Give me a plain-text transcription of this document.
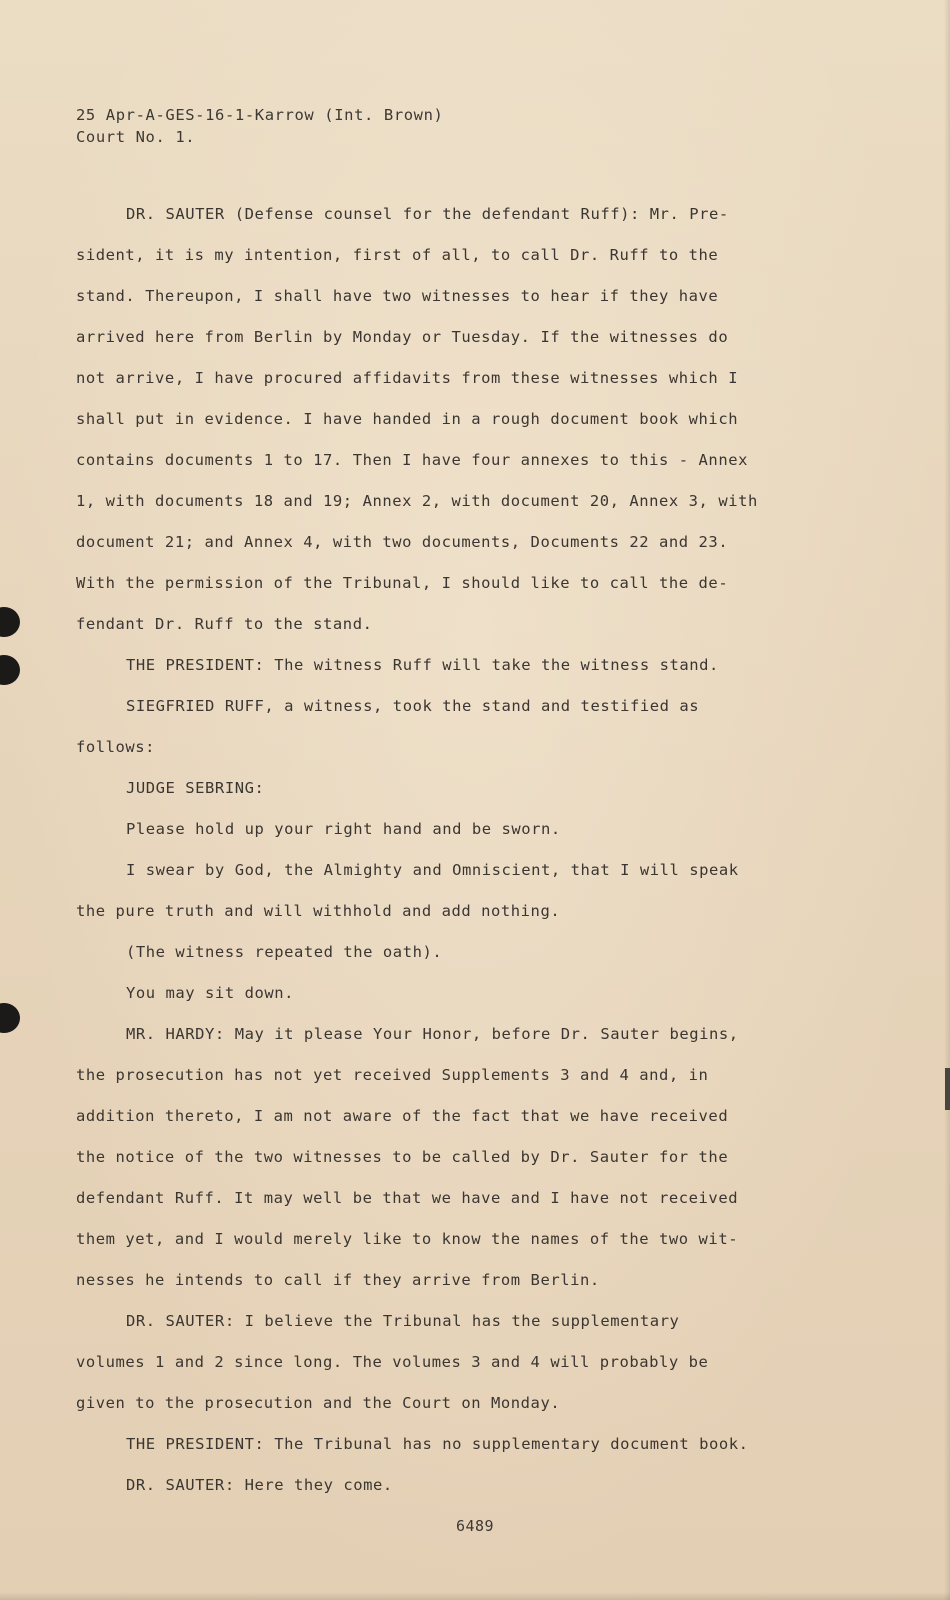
25 Apr-A-GES-16-1-Karrow (Int. Brown)
Court No. 1.
DR. SAUTER (Defense counsel for the defendant Ruff): Mr. Pre-
sident, it is my intention, first of all, to call Dr. Ruff to the
stand. Thereupon, I shall have two witnesses to hear if they have
arrived here from Berlin by Monday or Tuesday. If the witnesses do
not arrive, I have procured affidavits from these witnesses which I
shall put in evidence. I have handed in a rough document book which
contains documents 1 to 17. Then I have four annexes to this - Annex
1, with documents 18 and 19; Annex 2, with document 20, Annex 3, with
document 21; and Annex 4, with two documents, Documents 22 and 23.
With the permission of the Tribunal, I should like to call the de-
fendant Dr. Ruff to the stand.
THE PRESIDENT: The witness Ruff will take the witness stand.
SIEGFRIED RUFF, a witness, took the stand and testified as
follows:
JUDGE SEBRING:
Please hold up your right hand and be sworn.
I swear by God, the Almighty and Omniscient, that I will speak
the pure truth and will withhold and add nothing.
(The witness repeated the oath).
You may sit down.
MR. HARDY: May it please Your Honor, before Dr. Sauter begins,
the prosecution has not yet received Supplements 3 and 4 and, in
addition thereto, I am not aware of the fact that we have received
the notice of the two witnesses to be called by Dr. Sauter for the
defendant Ruff. It may well be that we have and I have not received
them yet, and I would merely like to know the names of the two wit-
nesses he intends to call if they arrive from Berlin.
DR. SAUTER: I believe the Tribunal has the supplementary
volumes 1 and 2 since long. The volumes 3 and 4 will probably be
given to the prosecution and the Court on Monday.
THE PRESIDENT: The Tribunal has no supplementary document book.
DR. SAUTER: Here they come.
6489
